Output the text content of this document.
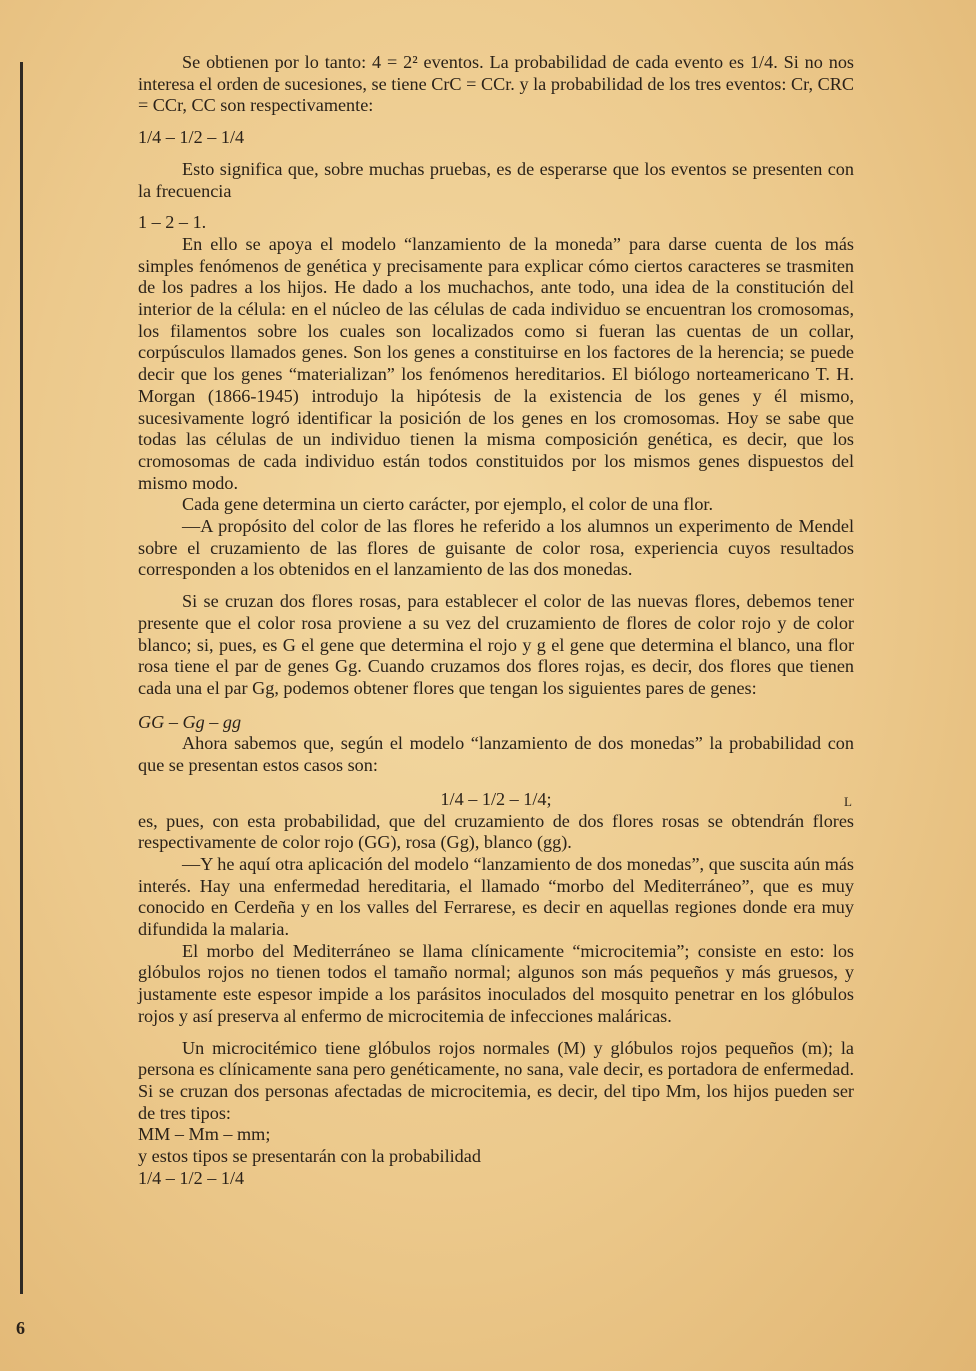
Se obtienen por lo tanto: 4 = 2² eventos. La probabilidad de cada evento es 1/4. Si no nos interesa el orden de sucesiones, se tiene CrC = CCr. y la probabilidad de los tres eventos: Cr, CRC = CCr, CC son respectivamente:

1/4 – 1/2 – 1/4

Esto significa que, sobre muchas pruebas, es de esperarse que los eventos se presenten con la frecuencia

1 – 2 – 1.

En ello se apoya el modelo “lanzamiento de la moneda” para darse cuenta de los más simples fenómenos de genética y precisamente para explicar cómo ciertos caracteres se trasmiten de los padres a los hijos. He dado a los muchachos, ante todo, una idea de la constitución del interior de la célula: en el núcleo de las células de cada individuo se encuentran los cromosomas, los filamentos sobre los cuales son localizados como si fueran las cuentas de un collar, corpúsculos llamados genes. Son los genes a constituirse en los factores de la herencia; se puede decir que los genes “materializan” los fenómenos hereditarios. El biólogo norteamericano T. H. Morgan (1866-1945) introdujo la hipótesis de la existencia de los genes y él mismo, sucesivamente logró identificar la posición de los genes en los cromosomas. Hoy se sabe que todas las células de un individuo tienen la misma composición genética, es decir, que los cromosomas de cada individuo están todos constituidos por los mismos genes dispuestos del mismo modo.

Cada gene determina un cierto carácter, por ejemplo, el color de una flor.

—A propósito del color de las flores he referido a los alumnos un experimento de Mendel sobre el cruzamiento de las flores de guisante de color rosa, experiencia cuyos resultados corresponden a los obtenidos en el lanzamiento de las dos monedas.

Si se cruzan dos flores rosas, para establecer el color de las nuevas flores, debemos tener presente que el color rosa proviene a su vez del cruzamiento de flores de color rojo y de color blanco; si, pues, es G el gene que determina el rojo y g el gene que determina el blanco, una flor rosa tiene el par de genes Gg. Cuando cruzamos dos flores rojas, es decir, dos flores que tienen cada una el par Gg, podemos obtener flores que tengan los siguientes pares de genes:

GG – Gg – gg

Ahora sabemos que, según el modelo “lanzamiento de dos monedas” la probabilidad con que se presentan estos casos son:

1/4 – 1/2 – 1/4;	L

es, pues, con esta probabilidad, que del cruzamiento de dos flores rosas se obtendrán flores respectivamente de color rojo (GG), rosa (Gg), blanco (gg).

—Y he aquí otra aplicación del modelo “lanzamiento de dos monedas”, que suscita aún más interés. Hay una enfermedad hereditaria, el llamado “morbo del Mediterráneo”, que es muy conocido en Cerdeña y en los valles del Ferrarese, es decir en aquellas regiones donde era muy difundida la malaria.

El morbo del Mediterráneo se llama clínicamente “microcitemia”; consiste en esto: los glóbulos rojos no tienen todos el tamaño normal; algunos son más pequeños y más gruesos, y justamente este espesor impide a los parásitos inoculados del mosquito penetrar en los glóbulos rojos y así preserva al enfermo de microcitemia de infecciones maláricas.

Un microcitémico tiene glóbulos rojos normales (M) y glóbulos rojos pequeños (m); la persona es clínicamente sana pero genéticamente, no sana, vale decir, es portadora de enfermedad. Si se cruzan dos personas afectadas de microcitemia, es decir, del tipo Mm, los hijos pueden ser de tres tipos:

MM – Mm – mm;

y estos tipos se presentarán con la probabilidad

1/4 – 1/2 – 1/4

6
